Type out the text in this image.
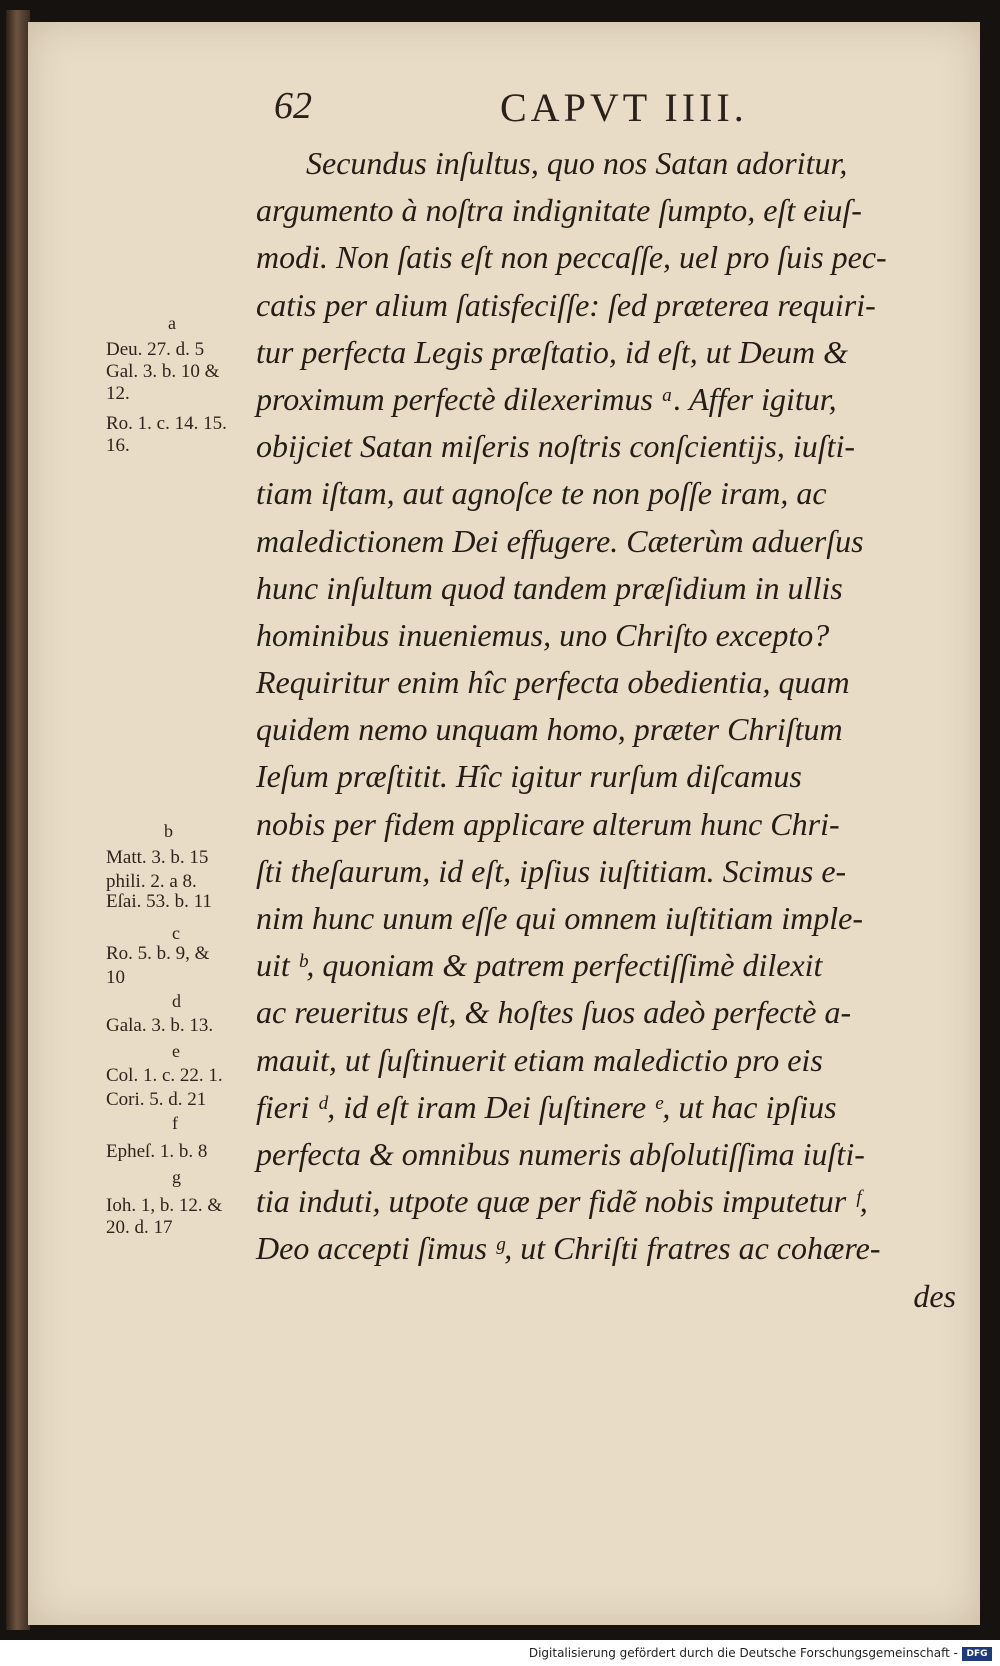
62	CAPVT IIII.
Secundus inſultus, quo nos Satan adoritur,
argumento à noſtra indignitate ſumpto, eſt eiuſ-
modi. Non ſatis eſt non peccaſſe, uel pro ſuis pec-
catis per alium ſatisfeciſſe: ſed præterea requiri-
tur perfecta Legis præſtatio, id eſt, ut Deum &
proximum perfectè dilexerimus ᵃ. Affer igitur,
obijciet Satan miſeris noſtris conſcientijs, iuſti-
tiam iſtam, aut agnoſce te non poſſe iram, ac
maledictionem Dei effugere. Cæterùm aduerſus
hunc inſultum quod tandem præſidium in ullis
hominibus inueniemus, uno Chriſto excepto?
Requiritur enim hîc perfecta obedientia, quam
quidem nemo unquam homo, præter Chriſtum
Ieſum præſtitit. Hîc igitur rurſum diſcamus
nobis per fidem applicare alterum hunc Chri-
ſti theſaurum, id eſt, ipſius iuſtitiam. Scimus e-
nim hunc unum eſſe qui omnem iuſtitiam imple-
uit ᵇ, quoniam & patrem perfectiſſimè dilexit
ac reueritus eſt, & hoſtes ſuos adeò perfectè a-
mauit, ut ſuſtinuerit etiam maledictio pro eis
fieri ᵈ, id eſt iram Dei ſuſtinere ᵉ, ut hac ipſius
perfecta & omnibus numeris abſolutiſſima iuſti-
tia induti, utpote quæ per fidẽ nobis imputetur ᶠ,
Deo accepti ſimus ᵍ, ut Chriſti fratres ac cohære-
des
a
Deu. 27. d. 5
Gal. 3. b. 10 &
12.
Ro. 1. c. 14. 15.
16.
b
Matt. 3. b. 15
phili. 2. a 8.
Eſai. 53. b. 11
c
Ro. 5. b. 9, &
10
d
Gala. 3. b. 13.
e
Col. 1. c. 22. 1.
Cori. 5. d. 21
f
Epheſ. 1. b. 8
g
Ioh. 1, b. 12. &
20. d. 17
Digitalisierung gefördert durch die Deutsche Forschungsgemeinschaft - DFG
